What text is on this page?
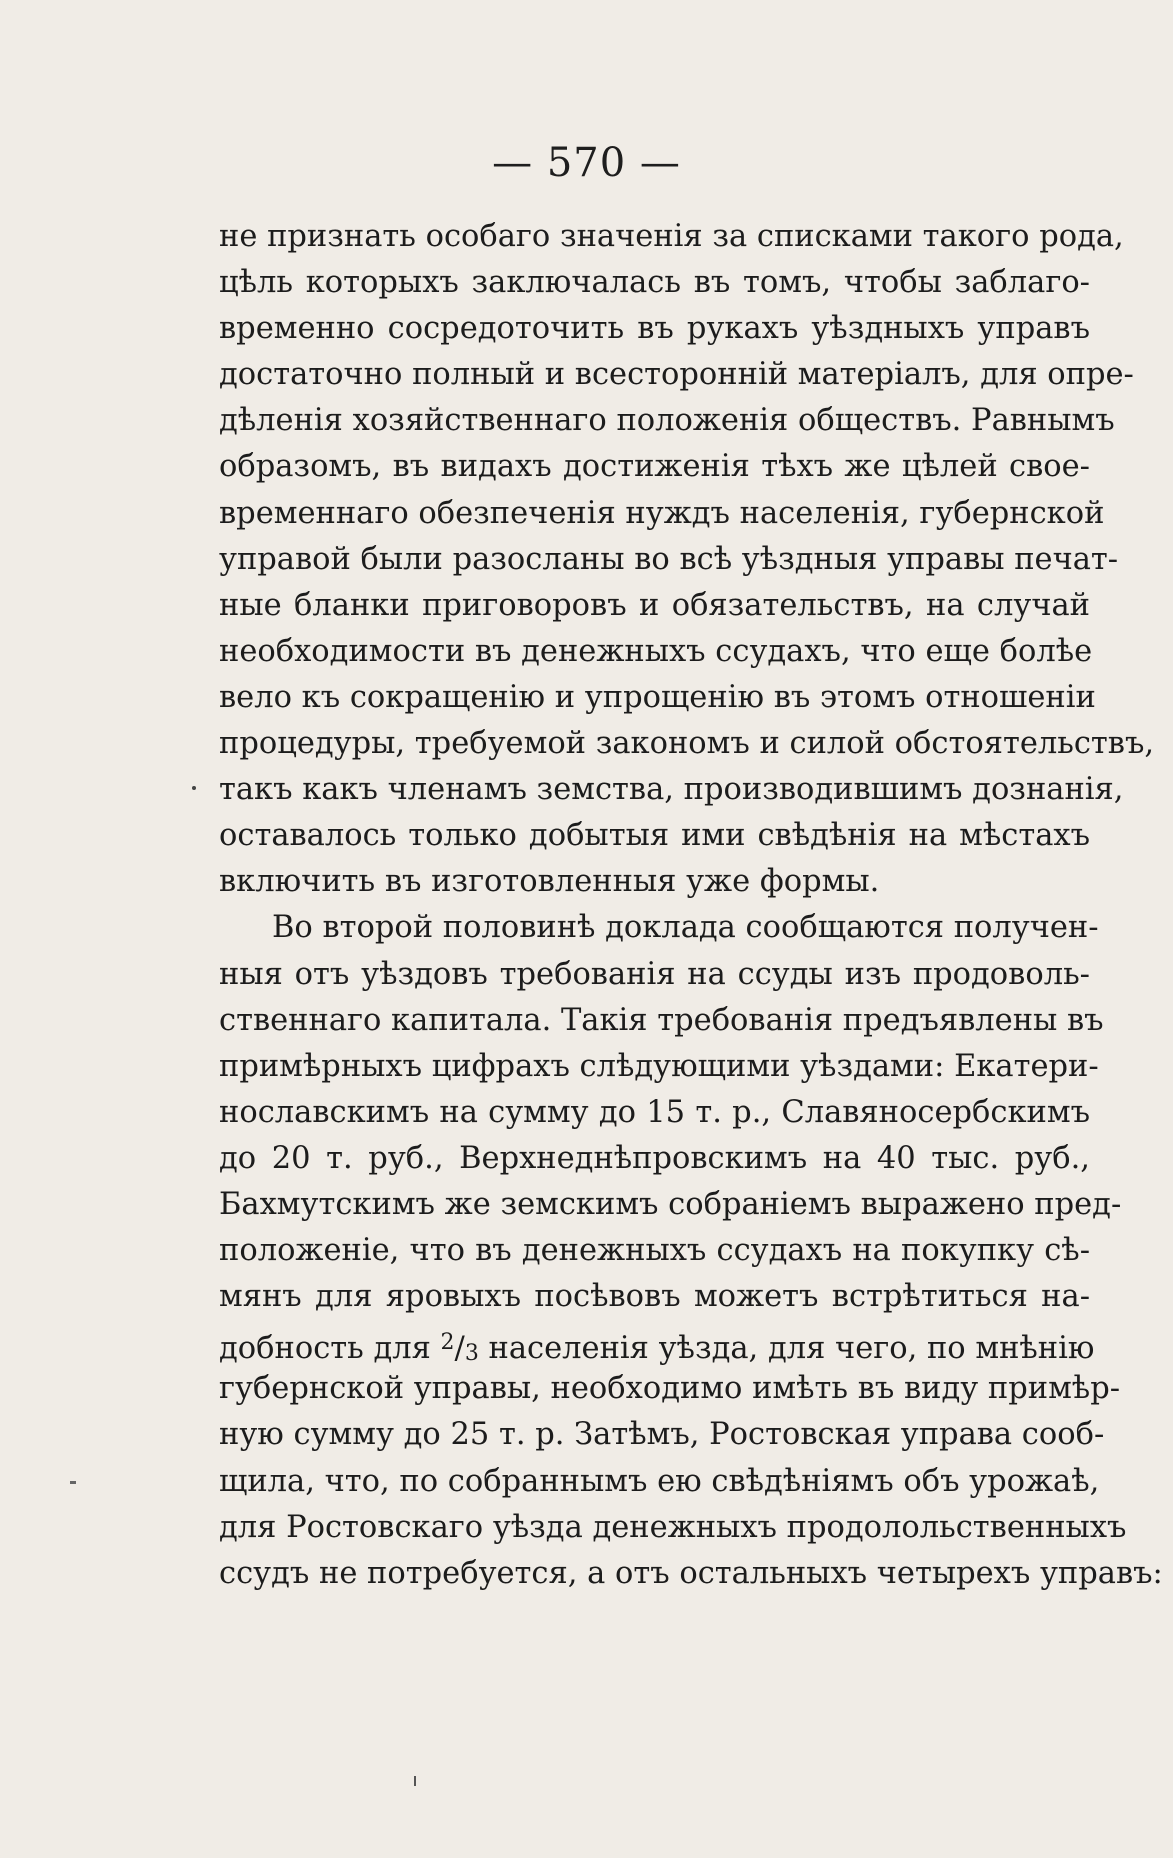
— 570 —
не признать особаго значенія за списками такого рода,
цѣль которыхъ заключалась въ томъ, чтобы заблаго-
временно сосредоточить въ рукахъ уѣздныхъ управъ
достаточно полный и всесторонній матеріалъ, для опре-
дѣленія хозяйственнаго положенія обществъ. Равнымъ
образомъ, въ видахъ достиженія тѣхъ же цѣлей свое-
временнаго обезпеченія нуждъ населенія, губернской
управой были разосланы во всѣ уѣздныя управы печат-
ные бланки приговоровъ и обязательствъ, на случай
необходимости въ денежныхъ ссудахъ, что еще болѣе
вело къ сокращенію и упрощенію въ этомъ отношеніи
процедуры, требуемой закономъ и силой обстоятельствъ,
такъ какъ членамъ земства, производившимъ дознанія,
оставалось только добытыя ими свѣдѣнія на мѣстахъ
включить въ изготовленныя уже формы.
Во второй половинѣ доклада сообщаются получен-
ныя отъ уѣздовъ требованія на ссуды изъ продоволь-
ственнаго капитала. Такія требованія предъявлены въ
примѣрныхъ цифрахъ слѣдующими уѣздами: Екатери-
нославскимъ на сумму до 15 т. р., Славяносербскимъ
до 20 т. руб., Верхнеднѣпровскимъ на 40 тыс. руб.,
Бахмутскимъ же земскимъ собраніемъ выражено пред-
положеніе, что въ денежныхъ ссудахъ на покупку сѣ-
мянъ для яровыхъ посѣвовъ можетъ встрѣтиться на-
добность для $^2$/3 населенія уѣзда, для чего, по мнѣнію
губернской управы, необходимо имѣть въ виду примѣр-
ную сумму до 25 т. р. Затѣмъ, Ростовская управа сооб-
щила, что, по собраннымъ ею свѣдѣніямъ объ урожаѣ,
для Ростовскаго уѣзда денежныхъ продолольственныхъ
ссудъ не потребуется, а отъ остальныхъ четырехъ управъ:
